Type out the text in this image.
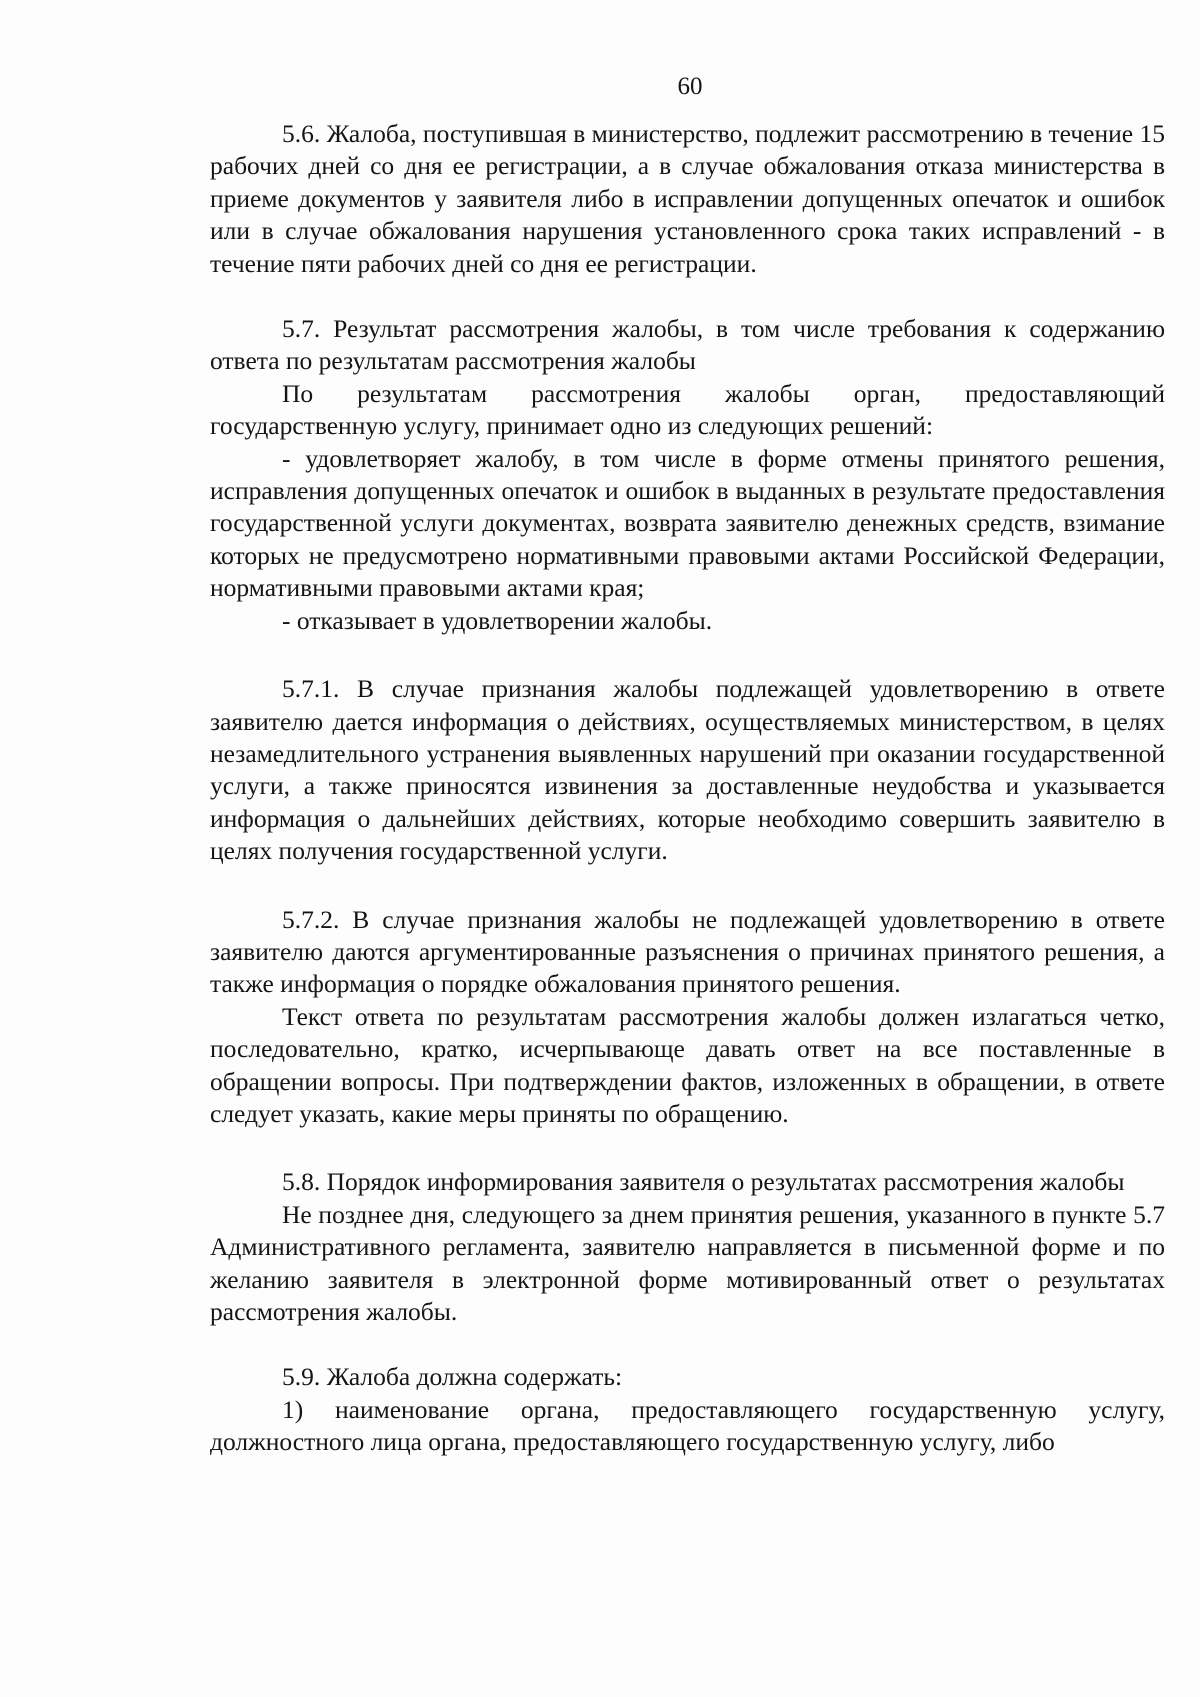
60

5.6. Жалоба, поступившая в министерство, подлежит рассмотрению в течение 15 рабочих дней со дня ее регистрации, а в случае обжалования отказа министерства в приеме документов у заявителя либо в исправлении допущенных опечаток и ошибок или в случае обжалования нарушения установленного срока таких исправлений - в течение пяти рабочих дней со дня ее регистрации.

5.7. Результат рассмотрения жалобы, в том числе требования к содержанию ответа по результатам рассмотрения жалобы

По результатам рассмотрения жалобы орган, предоставляющий государственную услугу, принимает одно из следующих решений:

- удовлетворяет жалобу, в том числе в форме отмены принятого решения, исправления допущенных опечаток и ошибок в выданных в результате предоставления государственной услуги документах, возврата заявителю денежных средств, взимание которых не предусмотрено нормативными правовыми актами Российской Федерации, нормативными правовыми актами края;

- отказывает в удовлетворении жалобы.

5.7.1. В случае признания жалобы подлежащей удовлетворению в ответе заявителю дается информация о действиях, осуществляемых министерством, в целях незамедлительного устранения выявленных нарушений при оказании государственной услуги, а также приносятся извинения за доставленные неудобства и указывается информация о дальнейших действиях, которые необходимо совершить заявителю в целях получения государственной услуги.

5.7.2. В случае признания жалобы не подлежащей удовлетворению в ответе заявителю даются аргументированные разъяснения о причинах принятого решения, а также информация о порядке обжалования принятого решения.

Текст ответа по результатам рассмотрения жалобы должен излагаться четко, последовательно, кратко, исчерпывающе давать ответ на все поставленные в обращении вопросы. При подтверждении фактов, изложенных в обращении, в ответе следует указать, какие меры приняты по обращению.

5.8. Порядок информирования заявителя о результатах рассмотрения жалобы

Не позднее дня, следующего за днем принятия решения, указанного в пункте 5.7 Административного регламента, заявителю направляется в письменной форме и по желанию заявителя в электронной форме мотивированный ответ о результатах рассмотрения жалобы.

5.9. Жалоба должна содержать:

1) наименование органа, предоставляющего государственную услугу, должностного лица органа, предоставляющего государственную услугу, либо
